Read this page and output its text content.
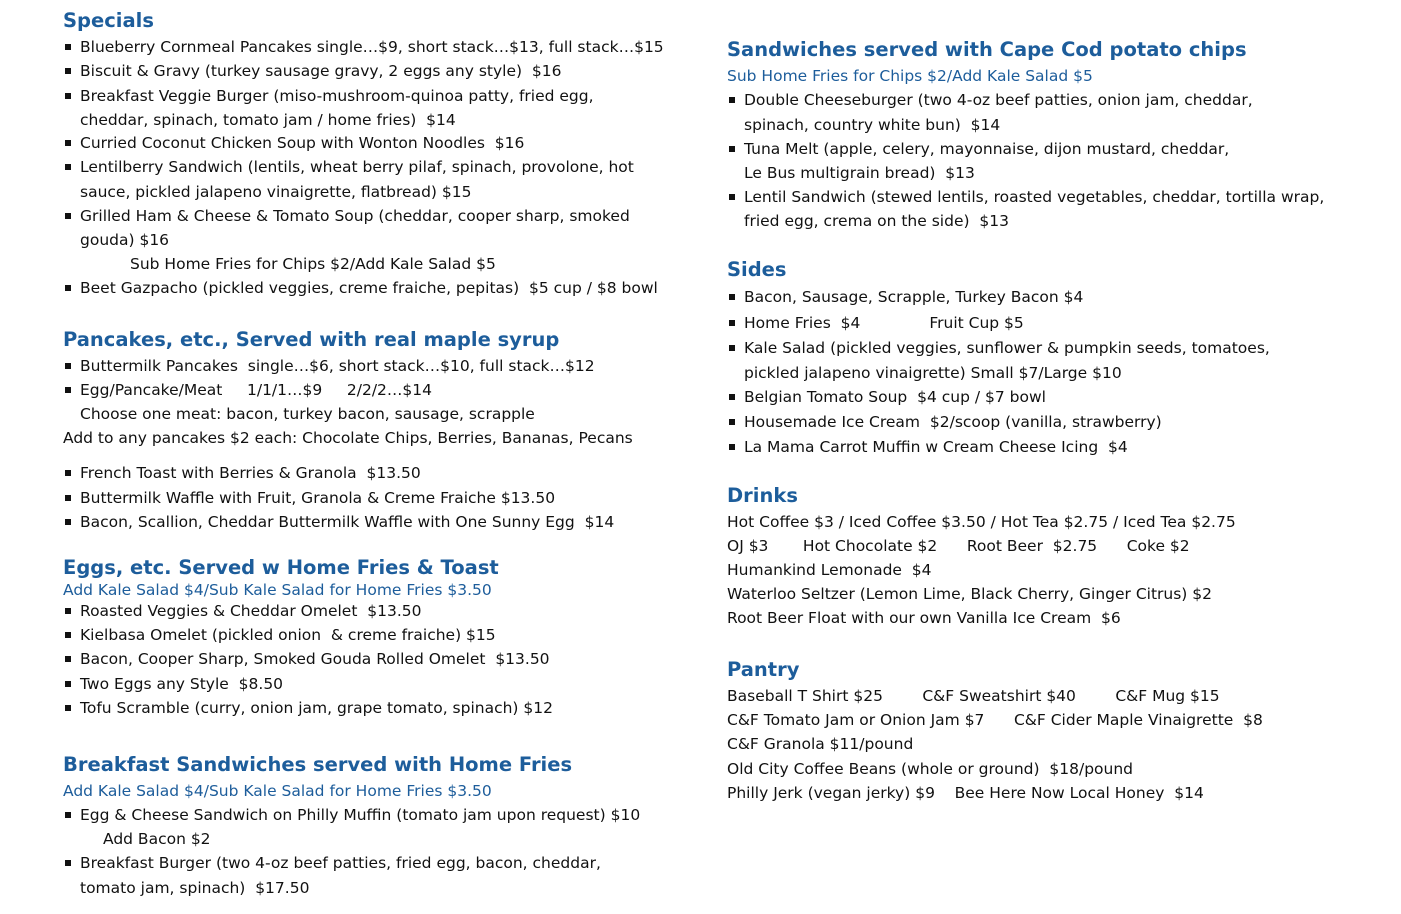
Specials
Blueberry Cornmeal Pancakes single…$9, short stack…$13, full stack…$15
Biscuit & Gravy (turkey sausage gravy, 2 eggs any style)  $16
Breakfast Veggie Burger (miso-mushroom-quinoa patty, fried egg,
cheddar, spinach, tomato jam / home fries)  $14
Curried Coconut Chicken Soup with Wonton Noodles  $16
Lentilberry Sandwich (lentils, wheat berry pilaf, spinach, provolone, hot
sauce, pickled jalapeno vinaigrette, flatbread) $15
Grilled Ham & Cheese & Tomato Soup (cheddar, cooper sharp, smoked
gouda) $16
Sub Home Fries for Chips $2/Add Kale Salad $5
Beet Gazpacho (pickled veggies, creme fraiche, pepitas)  $5 cup / $8 bowl
Pancakes, etc., Served with real maple syrup
Buttermilk Pancakes  single…$6, short stack…$10, full stack…$12
Egg/Pancake/Meat     1/1/1…$9     2/2/2…$14
Choose one meat: bacon, turkey bacon, sausage, scrapple
Add to any pancakes $2 each: Chocolate Chips, Berries, Bananas, Pecans
French Toast with Berries & Granola  $13.50
Buttermilk Waffle with Fruit, Granola & Creme Fraiche $13.50
Bacon, Scallion, Cheddar Buttermilk Waffle with One Sunny Egg  $14
Eggs, etc. Served w Home Fries & Toast
Add Kale Salad $4/Sub Kale Salad for Home Fries $3.50
Roasted Veggies & Cheddar Omelet  $13.50
Kielbasa Omelet (pickled onion  & creme fraiche) $15
Bacon, Cooper Sharp, Smoked Gouda Rolled Omelet  $13.50
Two Eggs any Style  $8.50
Tofu Scramble (curry, onion jam, grape tomato, spinach) $12
Breakfast Sandwiches served with Home Fries
Add Kale Salad $4/Sub Kale Salad for Home Fries $3.50
Egg & Cheese Sandwich on Philly Muffin (tomato jam upon request) $10
Add Bacon $2
Breakfast Burger (two 4-oz beef patties, fried egg, bacon, cheddar,
tomato jam, spinach)  $17.50
Sandwiches served with Cape Cod potato chips
Sub Home Fries for Chips $2/Add Kale Salad $5
Double Cheeseburger (two 4-oz beef patties, onion jam, cheddar,
spinach, country white bun)  $14
Tuna Melt (apple, celery, mayonnaise, dijon mustard, cheddar,
Le Bus multigrain bread)  $13
Lentil Sandwich (stewed lentils, roasted vegetables, cheddar, tortilla wrap,
fried egg, crema on the side)  $13
Sides
Bacon, Sausage, Scrapple, Turkey Bacon $4
Home Fries  $4              Fruit Cup $5
Kale Salad (pickled veggies, sunflower & pumpkin seeds, tomatoes,
pickled jalapeno vinaigrette) Small $7/Large $10
Belgian Tomato Soup  $4 cup / $7 bowl
Housemade Ice Cream  $2/scoop (vanilla, strawberry)
La Mama Carrot Muffin w Cream Cheese Icing  $4
Drinks
Hot Coffee $3 / Iced Coffee $3.50 / Hot Tea $2.75 / Iced Tea $2.75
OJ $3       Hot Chocolate $2      Root Beer  $2.75      Coke $2
Humankind Lemonade  $4
Waterloo Seltzer (Lemon Lime, Black Cherry, Ginger Citrus) $2
Root Beer Float with our own Vanilla Ice Cream  $6
Pantry
Baseball T Shirt $25        C&F Sweatshirt $40        C&F Mug $15
C&F Tomato Jam or Onion Jam $7      C&F Cider Maple Vinaigrette  $8
C&F Granola $11/pound
Old City Coffee Beans (whole or ground)  $18/pound
Philly Jerk (vegan jerky) $9    Bee Here Now Local Honey  $14
